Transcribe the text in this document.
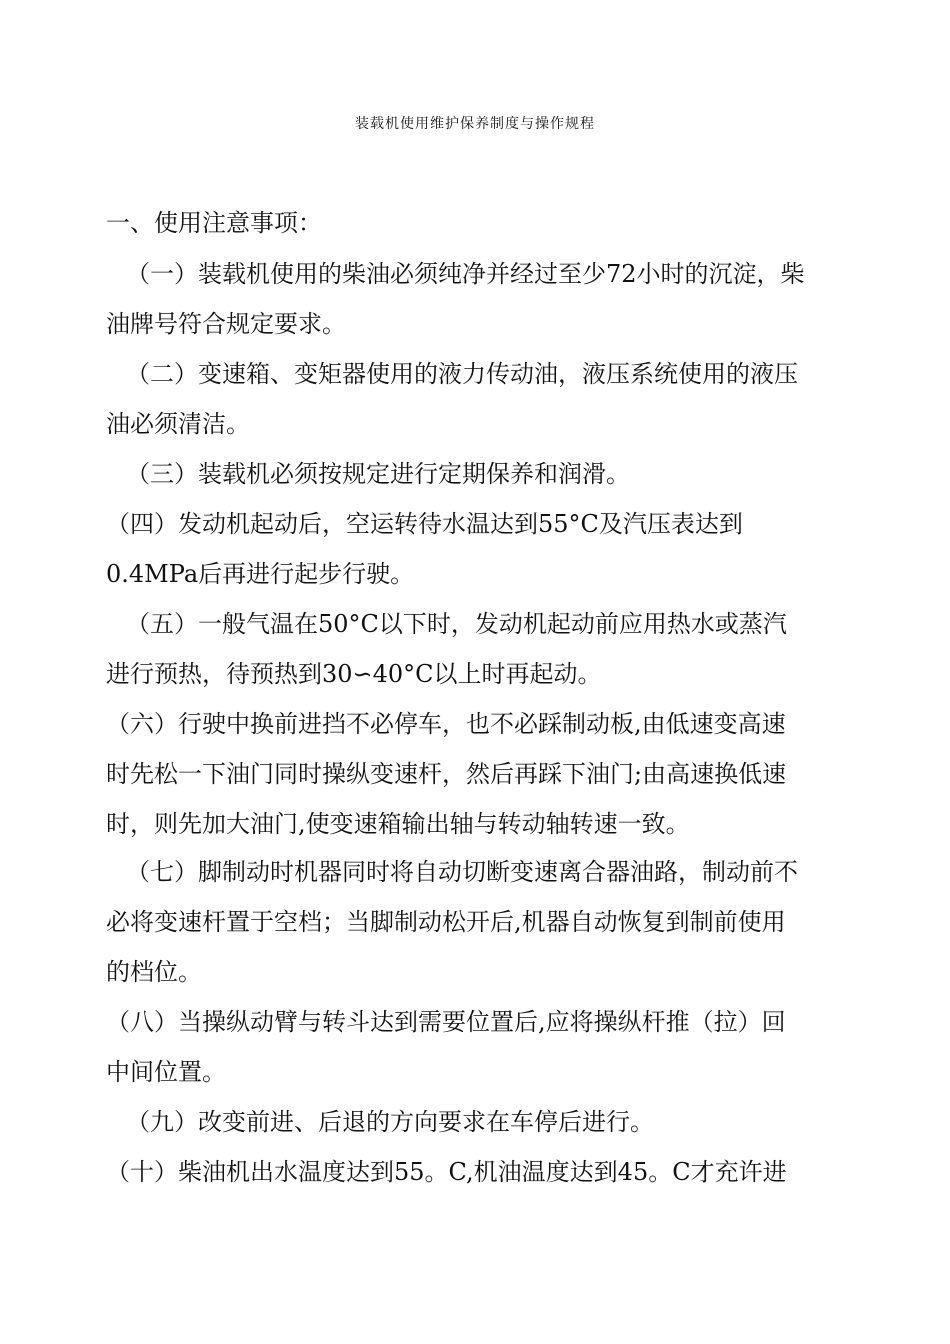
装载机使用维护保养制度与操作规程
一、使用注意事项：
（一）装载机使用的柴油必须纯净并经过至少72小时的沉淀，柴
油牌号符合规定要求。
（二）变速箱、变矩器使用的液力传动油，液压系统使用的液压
油必须清洁。
（三）装载机必须按规定进行定期保养和润滑。
（四）发动机起动后，空运转待水温达到55°C及汽压表达到
0.4MPa后再进行起步行驶。
（五）一般气温在50°C以下时，发动机起动前应用热水或蒸汽
进行预热，待预热到30∽40°C以上时再起动。
（六）行驶中换前进挡不必停车，也不必踩制动板,由低速变高速
时先松一下油门同时操纵变速杆，然后再踩下油门;由高速换低速
时，则先加大油门,使变速箱输出轴与转动轴转速一致。
（七）脚制动时机器同时将自动切断变速离合器油路，制动前不
必将变速杆置于空档；当脚制动松开后,机器自动恢复到制前使用
的档位。
（八）当操纵动臂与转斗达到需要位置后,应将操纵杆推（拉）回
中间位置。
（九）改变前进、后退的方向要求在车停后进行。
（十）柴油机出水温度达到55。C,机油温度达到45。C才充许进
